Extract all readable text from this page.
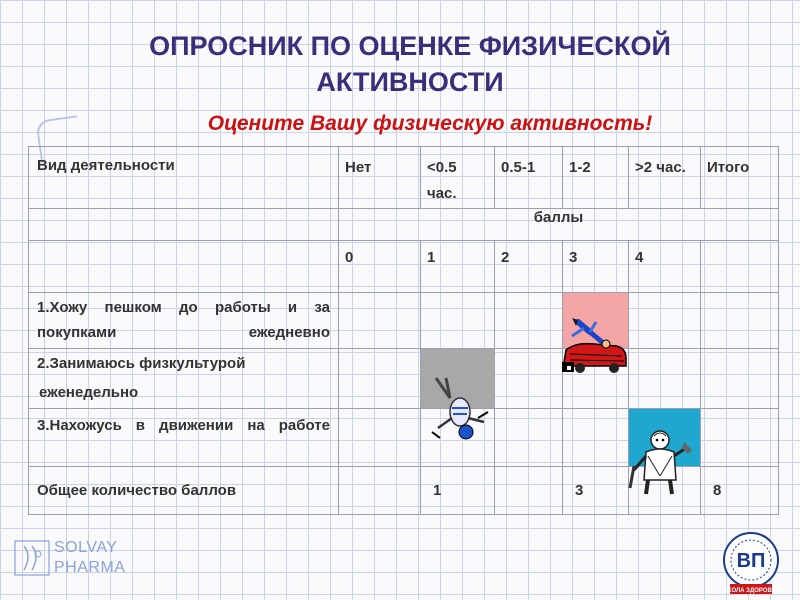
ОПРОСНИК ПО ОЦЕНКЕ ФИЗИЧЕСКОЙ АКТИВНОСТИ

Оцените Вашу физическую активность!

Вид деятельности	Нет	<0.5 час.	0.5-1	1-2	>2 час.	Итого
	баллы					
	0	1	2	3	4	

1.Хожу пешком до работы и за покупками ежедневно						

2.Занимаюсь физкультурой
еженедельно						

3.Нахожусь в движении на работе						

Общее количество баллов		1		3		8
SOLVAY
PHARMA	ВП
ШКОЛА ЗДОРОВЬЯ
